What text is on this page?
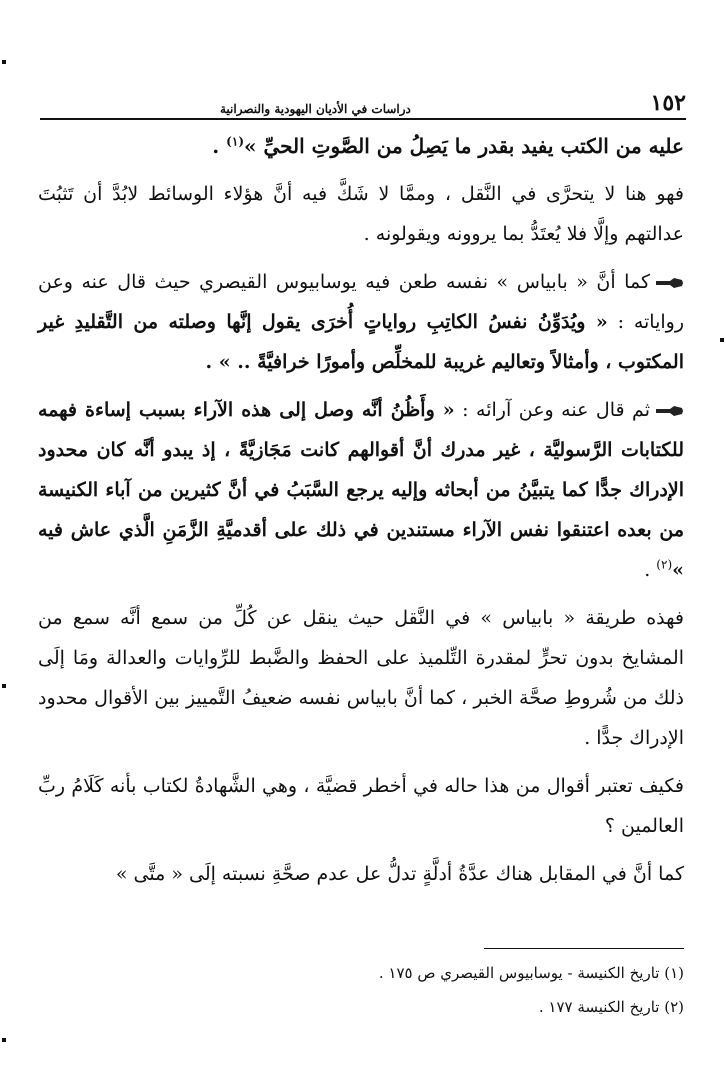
١٥٢
دراسات في الأديان اليهودية والنصرانية

عليه من الكتب يفيد بقدر ما يَصِلُ من الصَّوتِ الحيِّ »$^{(١)}$ .

فهو هنا لا يتحرَّى في النَّقل ، وممَّا لا شَكَّ فيه أنَّ هؤلاء الوسائط لابُدَّ أن تَثبُتَ عدالتهم وإلَّا فلا يُعتَدُّ بما يروونه ويقولونه .

كما أنَّ « بابياس » نفسه طعن فيه يوسابيوس القيصري حيث قال عنه وعن رواياته : « ويُدَوِّنُ نفسُ الكاتِبِ رواياتٍ أُخرَى يقول إنَّها وصلته من التَّقليدِ غير المكتوب ، وأمثالاً وتعاليم غريبة للمخلِّص وأمورًا خرافيَّةً .. » .

ثم قال عنه وعن آرائه : « وأَظُنُ أنَّه وصل إلى هذه الآراء بسبب إساءة فهمه للكتابات الرَّسوليَّة ، غير مدرك أنَّ أقوالهم كانت مَجَازيَّةً ، إذ يبدو أنَّه كان محدود الإدراك جدًّا كما يتبيَّنُ من أبحاثه وإليه يرجع السَّبَبُ في أنَّ كثيرين من آباء الكنيسة من بعده اعتنقوا نفس الآراء مستندين في ذلك على أقدميَّةِ الزَّمَنِ الَّذي عاش فيه »$^{(٢)}$ .

فهذه طريقة « بابياس » في النَّقل حيث ينقل عن كُلِّ من سمع أنَّه سمع من المشايخ بدون تحرٍّ لمقدرة التِّلميذ على الحفظ والضَّبط للرِّوايات والعدالة ومَا إلَى ذلك من شُروطِ صحَّة الخبر ، كما أنَّ بابياس نفسه ضعيفُ التَّمييز بين الأقوال محدود الإدراك جدًّا .

فكيف تعتبر أقوال من هذا حاله في أخطر قضيَّة ، وهي الشَّهادةُ لكتاب بأنه كَلَامُ ربِّ العالمين ؟

كما أنَّ في المقابل هناك عدَّةُ أدلَّةٍ تدلُّ عل عدم صحَّةِ نسبته إلَى « متَّى »

(١) تاريخ الكنيسة - يوسابيوس القيصري ص ١٧٥ .

(٢) تاريخ الكنيسة ١٧٧ .
